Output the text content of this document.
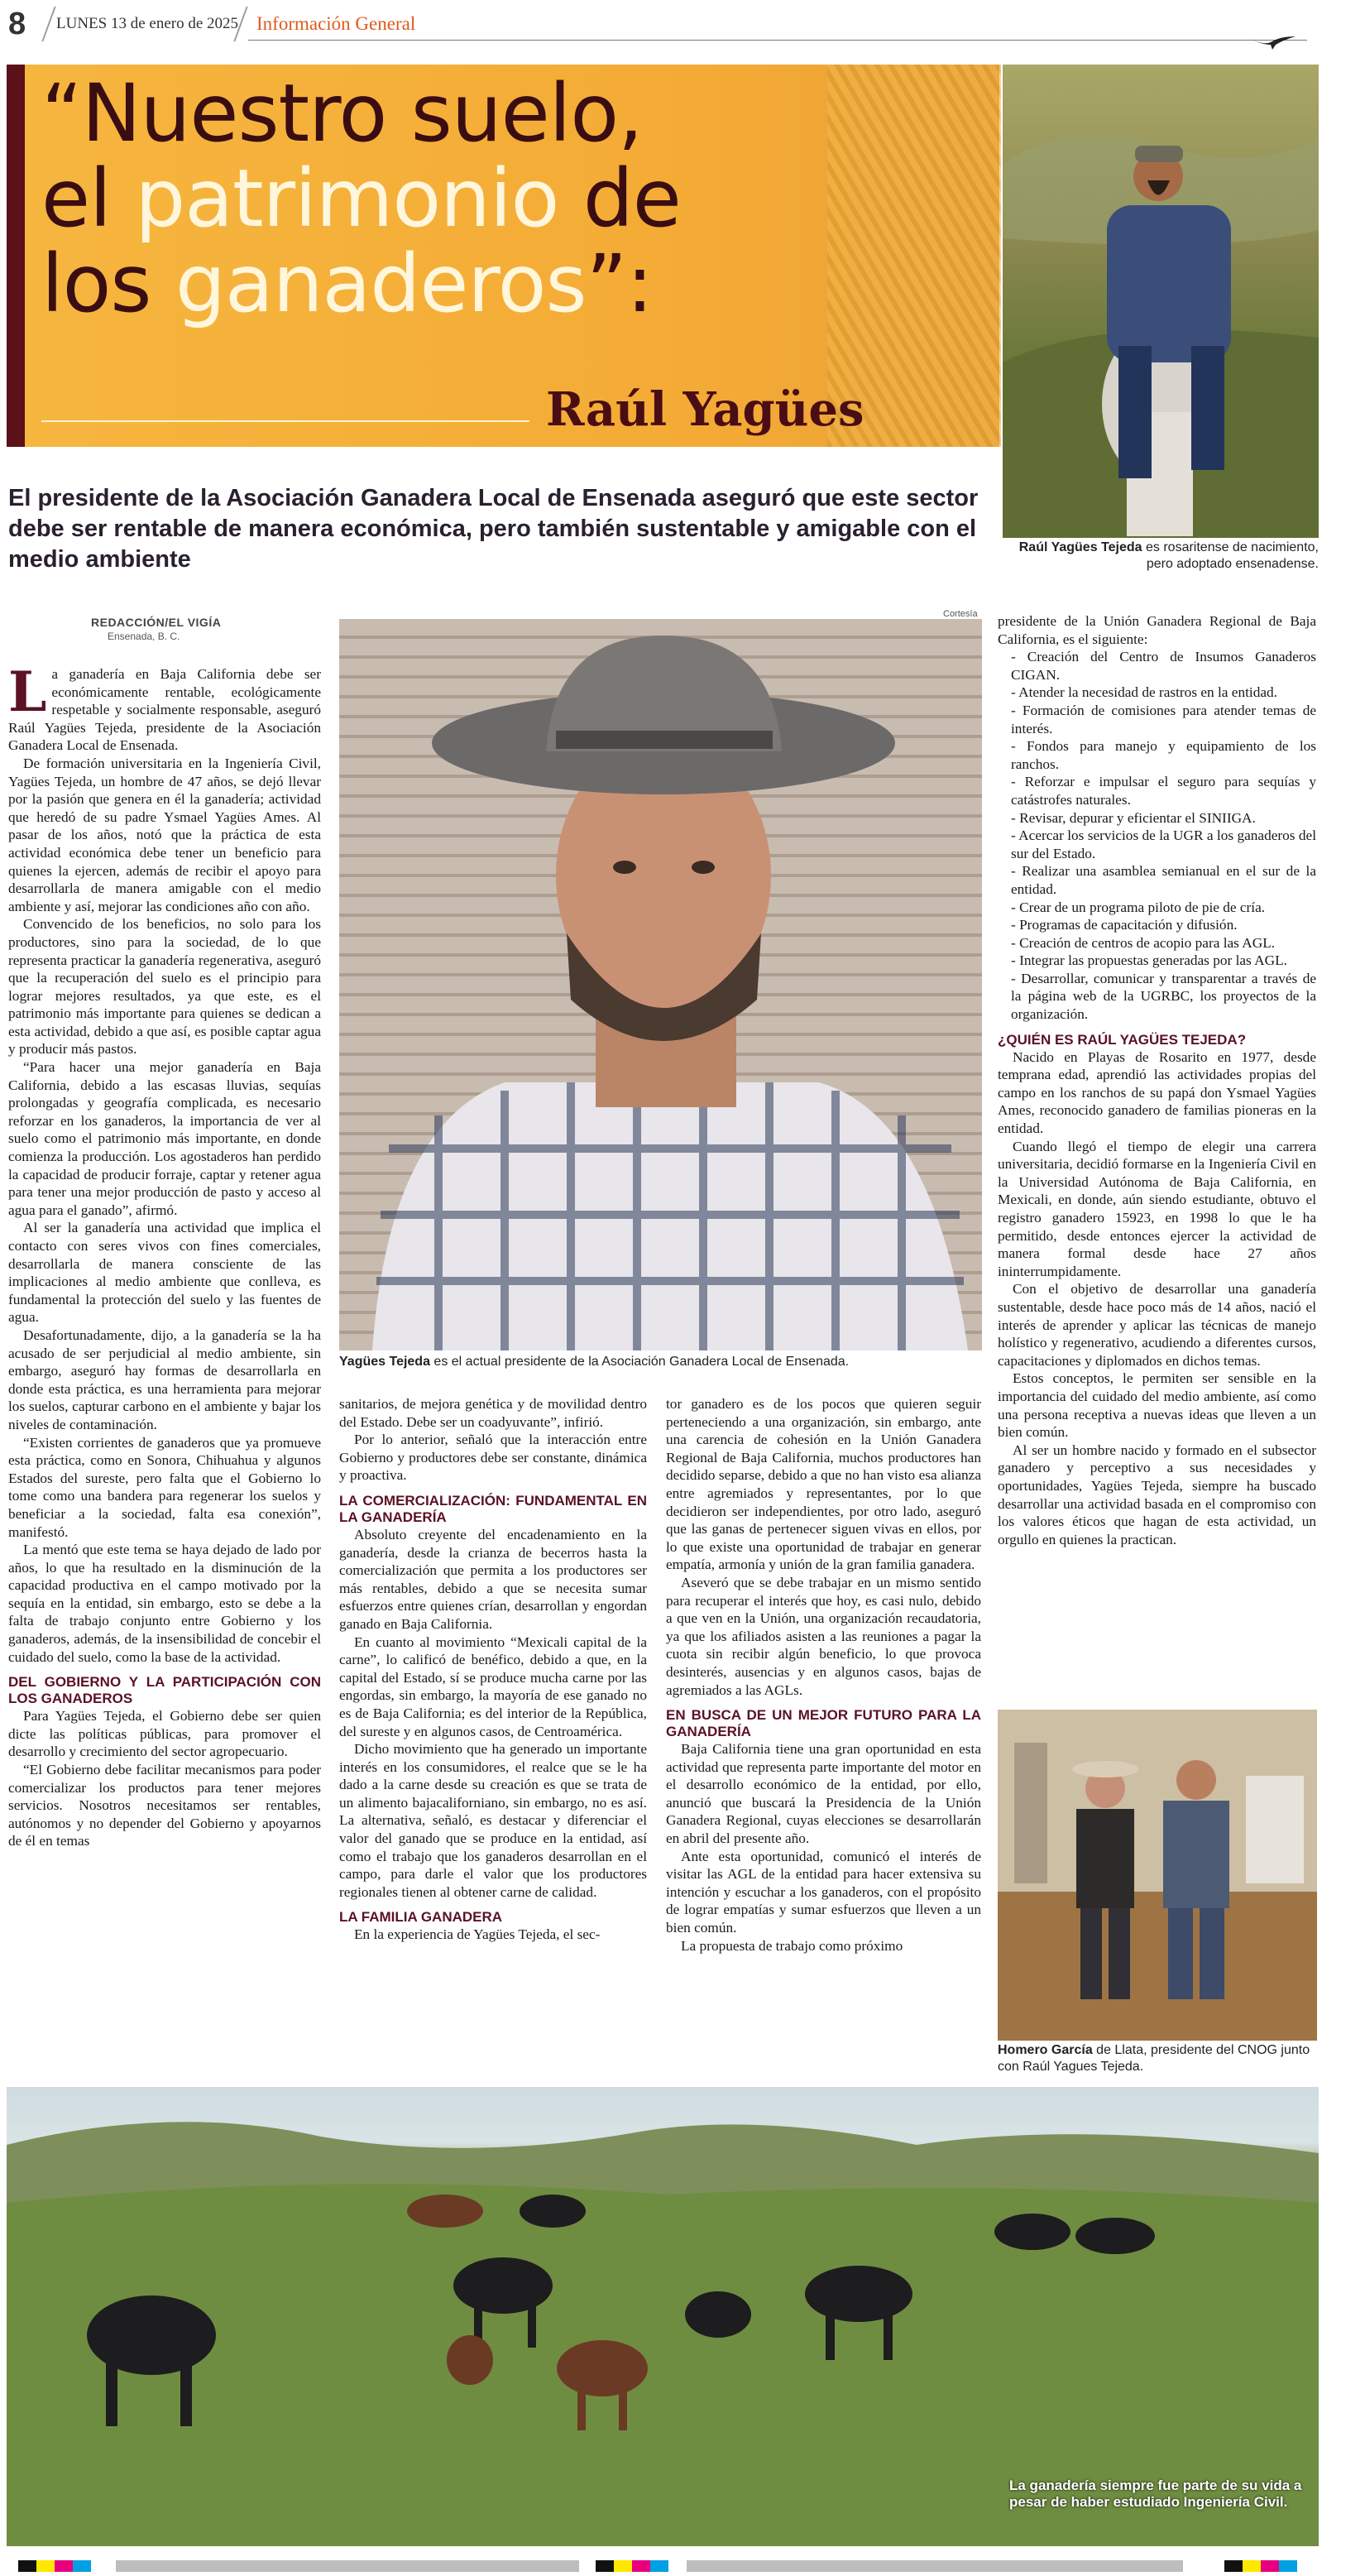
8 LUNES 13 de enero de 2025 Información General
“Nuestro suelo,
el patrimonio de
los ganaderos”:
Raúl Yagües
Raúl Yagües Tejeda es rosaritense de nacimiento, pero adoptado ensenadense.
El presidente de la Asociación Ganadera Local de Ensenada aseguró que este sector debe ser rentable de manera económica, pero también sustentable y amigable con el medio ambiente
REDACCIÓN/EL VIGÍA
Ensenada, B. C.
Cortesía
Yagües Tejeda es el actual presidente de la Asociación Ganadera Local de Ensenada.

La ganadería en Baja California debe ser económicamente rentable, ecológicamente respetable y socialmente responsable, aseguró Raúl Yagües Tejeda, presidente de la Asociación Ganadera Local de Ensenada.

De formación universitaria en la Ingeniería Civil, Yagües Tejeda, un hombre de 47 años, se dejó llevar por la pasión que genera en él la ganadería; actividad que heredó de su padre Ysmael Yagües Ames. Al pasar de los años, notó que la práctica de esta actividad económica debe tener un beneficio para quienes la ejercen, además de recibir el apoyo para desarrollarla de manera amigable con el medio ambiente y así, mejorar las condiciones año con año.

Convencido de los beneficios, no solo para los productores, sino para la sociedad, de lo que representa practicar la ganadería regenerativa, aseguró que la recuperación del suelo es el principio para lograr mejores resultados, ya que este, es el patrimonio más importante para quienes se dedican a esta actividad, debido a que así, es posible captar agua y producir más pastos.

“Para hacer una mejor ganadería en Baja California, debido a las escasas lluvias, sequías prolongadas y geografía complicada, es necesario reforzar en los ganaderos, la importancia de ver al suelo como el patrimonio más importante, en donde comienza la producción. Los agostaderos han perdido la capacidad de producir forraje, captar y retener agua para tener una mejor producción de pasto y acceso al agua para el ganado”, afirmó.

Al ser la ganadería una actividad que implica el contacto con seres vivos con fines comerciales, desarrollarla de manera consciente de las implicaciones al medio ambiente que conlleva, es fundamental la protección del suelo y las fuentes de agua.

Desafortunadamente, dijo, a la ganadería se la ha acusado de ser perjudicial al medio ambiente, sin embargo, aseguró hay formas de desarrollarla en donde esta práctica, es una herramienta para mejorar los suelos, capturar carbono en el ambiente y bajar los niveles de contaminación.

“Existen corrientes de ganaderos que ya promueve esta práctica, como en Sonora, Chihuahua y algunos Estados del sureste, pero falta que el Gobierno lo tome como una bandera para regenerar los suelos y beneficiar a la sociedad, falta esa conexión”, manifestó.

La mentó que este tema se haya dejado de lado por años, lo que ha resultado en la disminución de la capacidad productiva en el campo motivado por la sequía en la entidad, sin embargo, esto se debe a la falta de trabajo conjunto entre Gobierno y los ganaderos, además, de la insensibilidad de concebir el cuidado del suelo, como la base de la actividad.

DEL GOBIERNO Y LA PARTICIPACIÓN CON LOS GANADEROS

Para Yagües Tejeda, el Gobierno debe ser quien dicte las políticas públicas, para promover el desarrollo y crecimiento del sector agropecuario.

“El Gobierno debe facilitar mecanismos para poder comercializar los productos para tener mejores servicios. Nosotros necesitamos ser rentables, autónomos y no depender del Gobierno y apoyarnos de él en temas

sanitarios, de mejora genética y de movilidad dentro del Estado. Debe ser un coadyuvante”, infirió.

Por lo anterior, señaló que la interacción entre Gobierno y productores debe ser constante, dinámica y proactiva.

LA COMERCIALIZACIÓN: FUNDAMENTAL EN LA GANADERÍA

Absoluto creyente del encadenamiento en la ganadería, desde la crianza de becerros hasta la comercialización que permita a los productores ser más rentables, debido a que se necesita sumar esfuerzos entre quienes crían, desarrollan y engordan ganado en Baja California.

En cuanto al movimiento “Mexicali capital de la carne”, lo calificó de benéfico, debido a que, en la capital del Estado, sí se produce mucha carne por las engordas, sin embargo, la mayoría de ese ganado no es de Baja California; es del interior de la República, del sureste y en algunos casos, de Centroamérica.

Dicho movimiento que ha generado un importante interés en los consumidores, el realce que se le ha dado a la carne desde su creación es que se trata de un alimento bajacaliforniano, sin embargo, no es así. La alternativa, señaló, es destacar y diferenciar el valor del ganado que se produce en la entidad, así como el trabajo que los ganaderos desarrollan en el campo, para darle el valor que los productores regionales tienen al obtener carne de calidad.

LA FAMILIA GANADERA

En la experiencia de Yagües Tejeda, el sec-

tor ganadero es de los pocos que quieren seguir perteneciendo a una organización, sin embargo, ante una carencia de cohesión en la Unión Ganadera Regional de Baja California, muchos productores han decidido separse, debido a que no han visto esa alianza entre agremiados y representantes, por lo que decidieron ser independientes, por otro lado, aseguró que las ganas de pertenecer siguen vivas en ellos, por lo que existe una oportunidad de trabajar en generar empatía, armonía y unión de la gran familia ganadera.

Aseveró que se debe trabajar en un mismo sentido para recuperar el interés que hoy, es casi nulo, debido a que ven en la Unión, una organización recaudatoria, ya que los afiliados asisten a las reuniones a pagar la cuota sin recibir algún beneficio, lo que provoca desinterés, ausencias y en algunos casos, bajas de agremiados a las AGLs.

EN BUSCA DE UN MEJOR FUTURO PARA LA GANADERÍA

Baja California tiene una gran oportunidad en esta actividad que representa parte importante del motor en el desarrollo económico de la entidad, por ello, anunció que buscará la Presidencia de la Unión Ganadera Regional, cuyas elecciones se desarrollarán en abril del presente año.

Ante esta oportunidad, comunicó el interés de visitar las AGL de la entidad para hacer extensiva su intención y escuchar a los ganaderos, con el propósito de lograr empatías y sumar esfuerzos que lleven a un bien común.

La propuesta de trabajo como próximo

presidente de la Unión Ganadera Regional de Baja California, es el siguiente:

- Creación del Centro de Insumos Ganaderos CIGAN.

- Atender la necesidad de rastros en la entidad.

- Formación de comisiones para atender temas de interés.

- Fondos para manejo y equipamiento de los ranchos.

- Reforzar e impulsar el seguro para sequías y catástrofes naturales.

- Revisar, depurar y eficientar el SINIIGA.

- Acercar los servicios de la UGR a los ganaderos del sur del Estado.

- Realizar una asamblea semianual en el sur de la entidad.

- Crear de un programa piloto de pie de cría.

- Programas de capacitación y difusión.

- Creación de centros de acopio para las AGL.

- Integrar las propuestas generadas por las AGL.

- Desarrollar, comunicar y transparentar a través de la página web de la UGRBC, los proyectos de la organización.

¿QUIÉN ES RAÚL YAGÜES TEJEDA?

Nacido en Playas de Rosarito en 1977, desde temprana edad, aprendió las actividades propias del campo en los ranchos de su papá don Ysmael Yagües Ames, reconocido ganadero de familias pioneras en la entidad.

Cuando llegó el tiempo de elegir una carrera universitaria, decidió formarse en la Ingeniería Civil en la Universidad Autónoma de Baja California, en Mexicali, en donde, aún siendo estudiante, obtuvo el registro ganadero 15923, en 1998 lo que le ha permitido, desde entonces ejercer la actividad de manera formal desde hace 27 años ininterrumpidamente.

Con el objetivo de desarrollar una ganadería sustentable, desde hace poco más de 14 años, nació el interés de aprender y aplicar las técnicas de manejo holístico y regenerativo, acudiendo a diferentes cursos, capacitaciones y diplomados en dichos temas.

Estos conceptos, le permiten ser sensible en la importancia del cuidado del medio ambiente, así como una persona receptiva a nuevas ideas que lleven a un bien común.

Al ser un hombre nacido y formado en el subsector ganadero y perceptivo a sus necesidades y oportunidades, Yagües Tejeda, siempre ha buscado desarrollar una actividad basada en el compromiso con los valores éticos que hagan de esta actividad, un orgullo en quienes la practican.

Homero García de Llata, presidente del CNOG junto con Raúl Yagues Tejeda.
La ganadería siempre fue parte de su vida a pesar de haber estudiado Ingeniería Civil.
